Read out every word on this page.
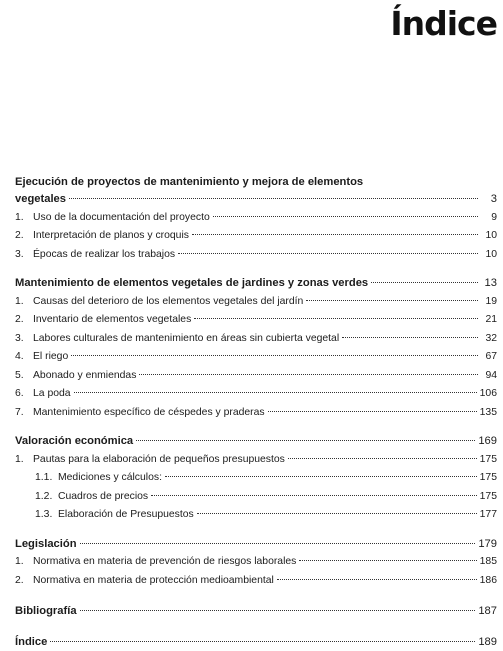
Índice
Ejecución de proyectos de mantenimiento y mejora de elementos
vegetales	3
1. Uso de la documentación del proyecto	9
2. Interpretación de planos y croquis	10
3. Épocas de realizar los trabajos	10
Mantenimiento de elementos vegetales de jardines y zonas verdes	13
1. Causas del deterioro de los elementos vegetales del jardín	19
2. Inventario de elementos vegetales	21
3. Labores culturales de mantenimiento en áreas sin cubierta vegetal	32
4. El riego	67
5. Abonado y enmiendas	94
6. La poda	106
7. Mantenimiento específico de céspedes y praderas	135
Valoración económica	169
1. Pautas para la elaboración de pequeños presupuestos	175
1.1. Mediciones y cálculos:	175
1.2. Cuadros de precios	175
1.3. Elaboración de Presupuestos	177
Legislación	179
1. Normativa en materia de prevención de riesgos laborales	185
2. Normativa en materia de protección medioambiental	186
Bibliografía	187
Índice	189
